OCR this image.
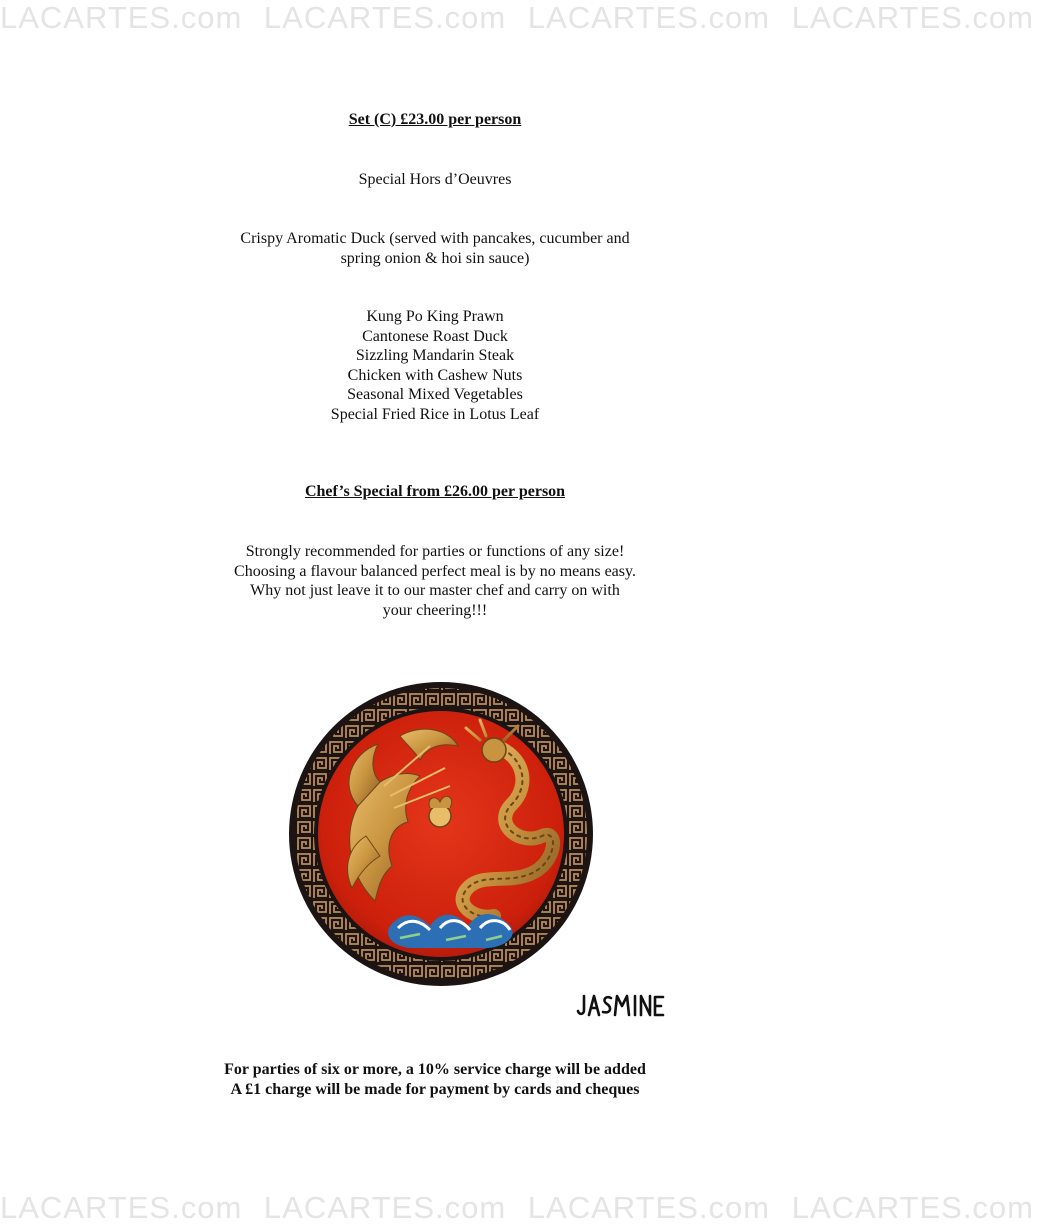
LACARTES.com LACARTES.com LACARTES.com LACARTES.com
LACARTES.com LACARTES.com LACARTES.com LACARTES.com
Set (C) £23.00 per person
Special Hors d’Oeuvres
Crispy Aromatic Duck (served with pancakes, cucumber and
spring onion & hoi sin sauce)
Kung Po King Prawn
Cantonese Roast Duck
Sizzling Mandarin Steak
Chicken with Cashew Nuts
Seasonal Mixed Vegetables
Special Fried Rice in Lotus Leaf
Chef’s Special from £26.00 per person
Strongly recommended for parties or functions of any size!
Choosing a flavour balanced perfect meal is by no means easy.
Why not just leave it to our master chef and carry on with
your cheering!!!
For parties of six or more, a 10% service charge will be added
A £1 charge will be made for payment by cards and cheques
